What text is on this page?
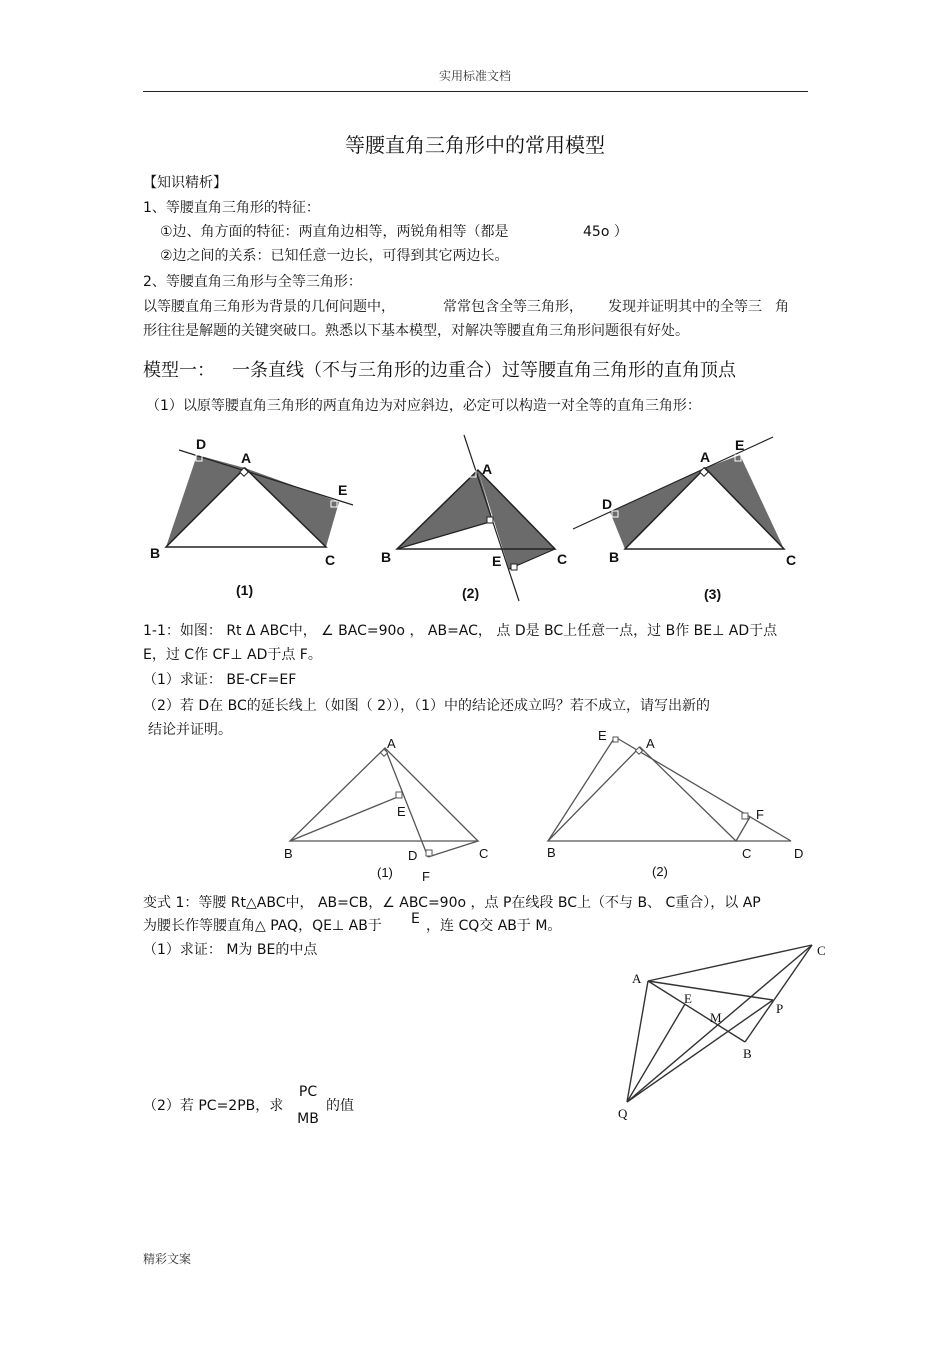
实用标准文档
等腰直角三角形中的常用模型
【知识精析】
1、等腰直角三角形的特征：
①边、角方面的特征：两直角边相等，两锐角相等（都是	45o ）
②边之间的关系：已知任意一边长，可得到其它两边长。
2、等腰直角三角形与全等三角形：
以等腰直角三角形为背景的几何问题中，	常常包含全等三角形， 发现并证明其中的全等三 角
形往往是解题的关键突破口。熟悉以下基本模型，对解决等腰直角三角形问题很有好处。
模型一： 一条直线（不与三角形的边重合）过等腰直角三角形的直角顶点
（1）以原等腰直角三角形的两直角边为对应斜边，必定可以构造一对全等的直角三角形：
D
A
E
B	C
(1)
A
B	C
E
(2)
A
E
D
B	C
(3)
1-1：如图： Rt Δ ABC中， ∠ BAC=90o ， AB=AC， 点 D是 BC上任意一点，过 B作 BE⊥ AD于点
E，过 C作 CF⊥ AD于点 F。
（1）求证： BE-CF=EF
（2）若 D在 BC的延长线上（如图（ 2）），（1）中的结论还成立吗？若不成立，请写出新的
结论并证明。
A
E
B	D	C
F
(1)
E
A
F
B	C	D
(2)
变式 1：等腰 Rt△ABC中， AB=CB，∠ ABC=90o ，点 P在线段 BC上（不与 B、 C重合），以 AP
为腰长作等腰直角△ PAQ，QE⊥ AB于 E ，连 CQ交 AB于 M。
（1）求证： M为 BE的中点
（2）若 PC=2PB，求
PC
MB
的值
A
C
E
M
P
B
Q
精彩文案
